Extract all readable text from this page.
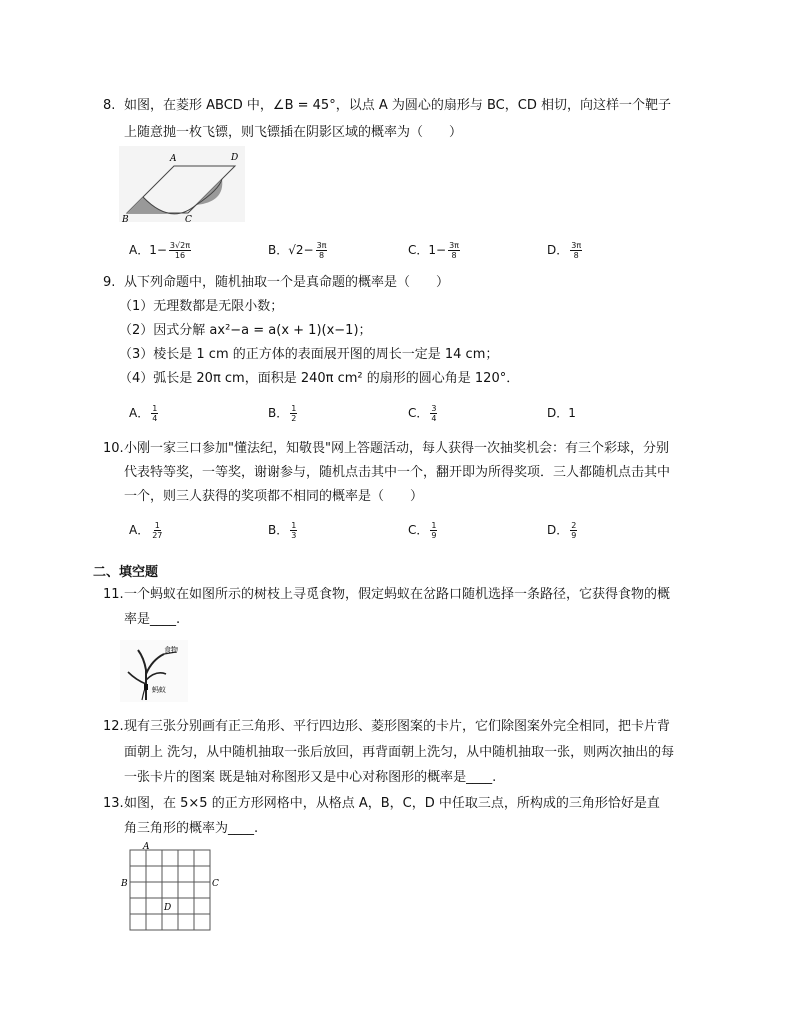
8. 如图，在菱形 ABCD 中，∠B = 45°，以点 A 为圆心的扇形与 BC，CD 相切，向这样一个靶子
上随意抛一枚飞镖，则飞镖插在阴影区域的概率为（　　）
A	D
B	C
A．$1- \frac{3√2\pi}{16}$	B．$√2- \frac{3\pi}{8}$	C．$1- \frac{3\pi}{8}$	D． $\frac{3\pi}{8}$
9. 从下列命题中，随机抽取一个是真命题的概率是（　　）
（1）无理数都是无限小数；
（2）因式分解 ax²−a = a(x + 1)(x−1)；
（3）棱长是 1 cm 的正方体的表面展开图的周长一定是 14 cm；
（4）弧长是 20π cm，面积是 240π cm² 的扇形的圆心角是 120°．
A． $\frac{1}{4}$	B． $\frac{1}{2}$	C． $\frac{3}{4}$	D．1
10. 小刚一家三口参加"懂法纪，知敬畏"网上答题活动，每人获得一次抽奖机会：有三个彩球，分别
代表特等奖，一等奖，谢谢参与，随机点击其中一个，翻开即为所得奖项．三人都随机点击其中
一个，则三人获得的奖项都不相同的概率是（　　）
A． $\frac{1}{27}$	B． $\frac{1}{3}$	C． $\frac{1}{9}$	D． $\frac{2}{9}$
二、填空题
11. 一个蚂蚁在如图所示的树枝上寻觅食物，假定蚂蚁在岔路口随机选择一条路径，它获得食物的概
率是____.
食物
蚂蚁
12. 现有三张分别画有正三角形、平行四边形、菱形图案的卡片，它们除图案外完全相同，把卡片背
面朝上 洗匀，从中随机抽取一张后放回，再背面朝上洗匀，从中随机抽取一张，则两次抽出的每
一张卡片的图案 既是轴对称图形又是中心对称图形的概率是____.
13. 如图，在 5×5 的正方形网格中，从格点 A，B，C，D 中任取三点，所构成的三角形恰好是直
角三角形的概率为____.
A
B	C
D
